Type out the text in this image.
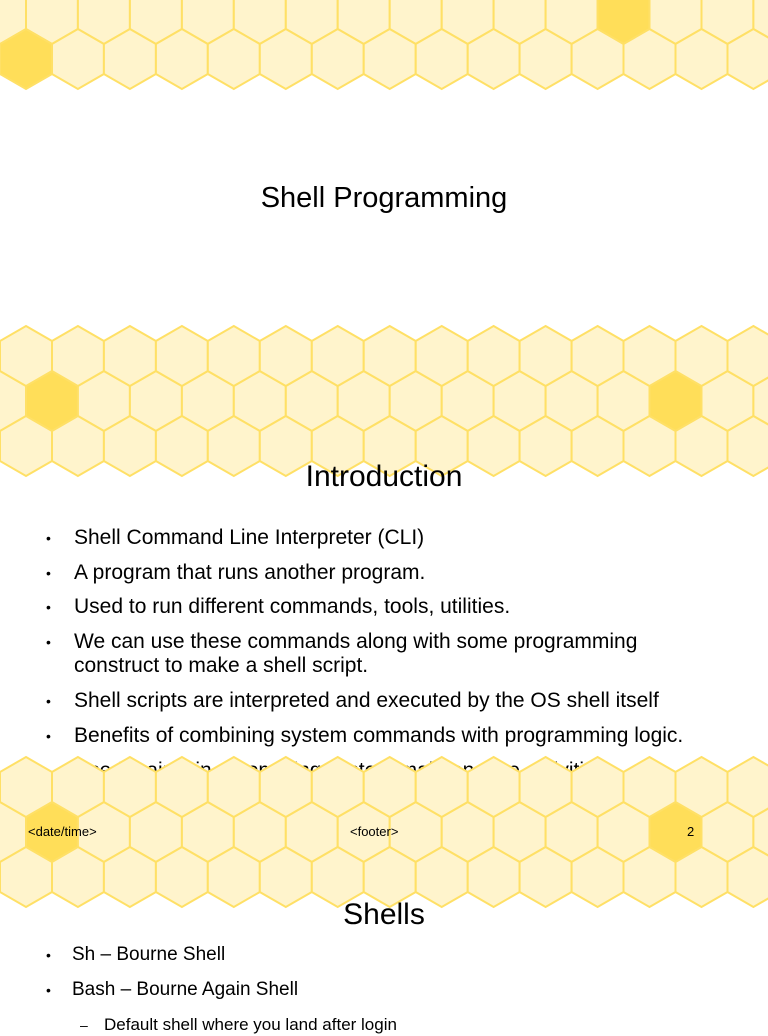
Shell Programming
Introduction
• Shell Command Line Interpreter (CLI)
• A program that runs another program.
• Used to run different commands, tools, utilities.
• We can use these commands along with some programming construct to make a shell script.
• Shell scripts are interpreted and executed by the OS shell itself
• Benefits of combining system commands with programming logic.
<date/time>	<footer>	2
Shells
• Sh – Bourne Shell
• Bash – Bourne Again Shell
– Default shell where you land after login
